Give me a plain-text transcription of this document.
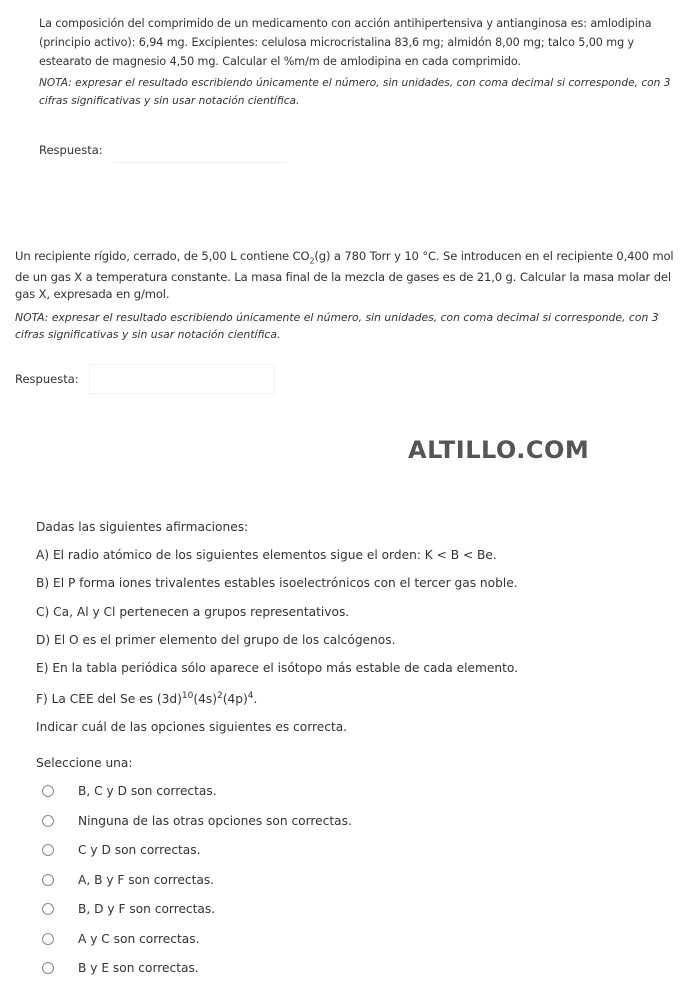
La composición del comprimido de un medicamento con acción antihipertensiva y antianginosa es: amlodipina (principio activo): 6,94 mg. Excipientes: celulosa microcristalina 83,6 mg; almidón 8,00 mg; talco 5,00 mg y estearato de magnesio 4,50 mg. Calcular el %m/m de amlodipina en cada comprimido.

NOTA: expresar el resultado escribiendo únicamente el número, sin unidades, con coma decimal si corresponde, con 3 cifras significativas y sin usar notación científica.

Respuesta:

Un recipiente rígido, cerrado, de 5,00 L contiene $CO_2(g)$ a 780 Torr y 10 °C. Se introducen en el recipiente 0,400 mol de un gas X a temperatura constante. La masa final de la mezcla de gases es de 21,0 g. Calcular la masa molar del gas X, expresada en g/mol.

NOTA: expresar el resultado escribiendo únicamente el número, sin unidades, con coma decimal si corresponde, con 3 cifras significativas y sin usar notación científica.

Respuesta:
ALTILLO.COM

Dadas las siguientes afirmaciones:

A) El radio atómico de los siguientes elementos sigue el orden: K < B < Be.

B) El P forma iones trivalentes estables isoelectrónicos con el tercer gas noble.

C) Ca, Al y Cl pertenecen a grupos representativos.

D) El O es el primer elemento del grupo de los calcógenos.

E) En la tabla periódica sólo aparece el isótopo más estable de cada elemento.

F) La CEE del Se es $(3d)^{10}(4s)^2(4p)^4$.

Indicar cuál de las opciones siguientes es correcta.

Seleccione una:
B, C y D son correctas.
Ninguna de las otras opciones son correctas.
C y D son correctas.
A, B y F son correctas.
B, D y F son correctas.
A y C son correctas.
B y E son correctas.
